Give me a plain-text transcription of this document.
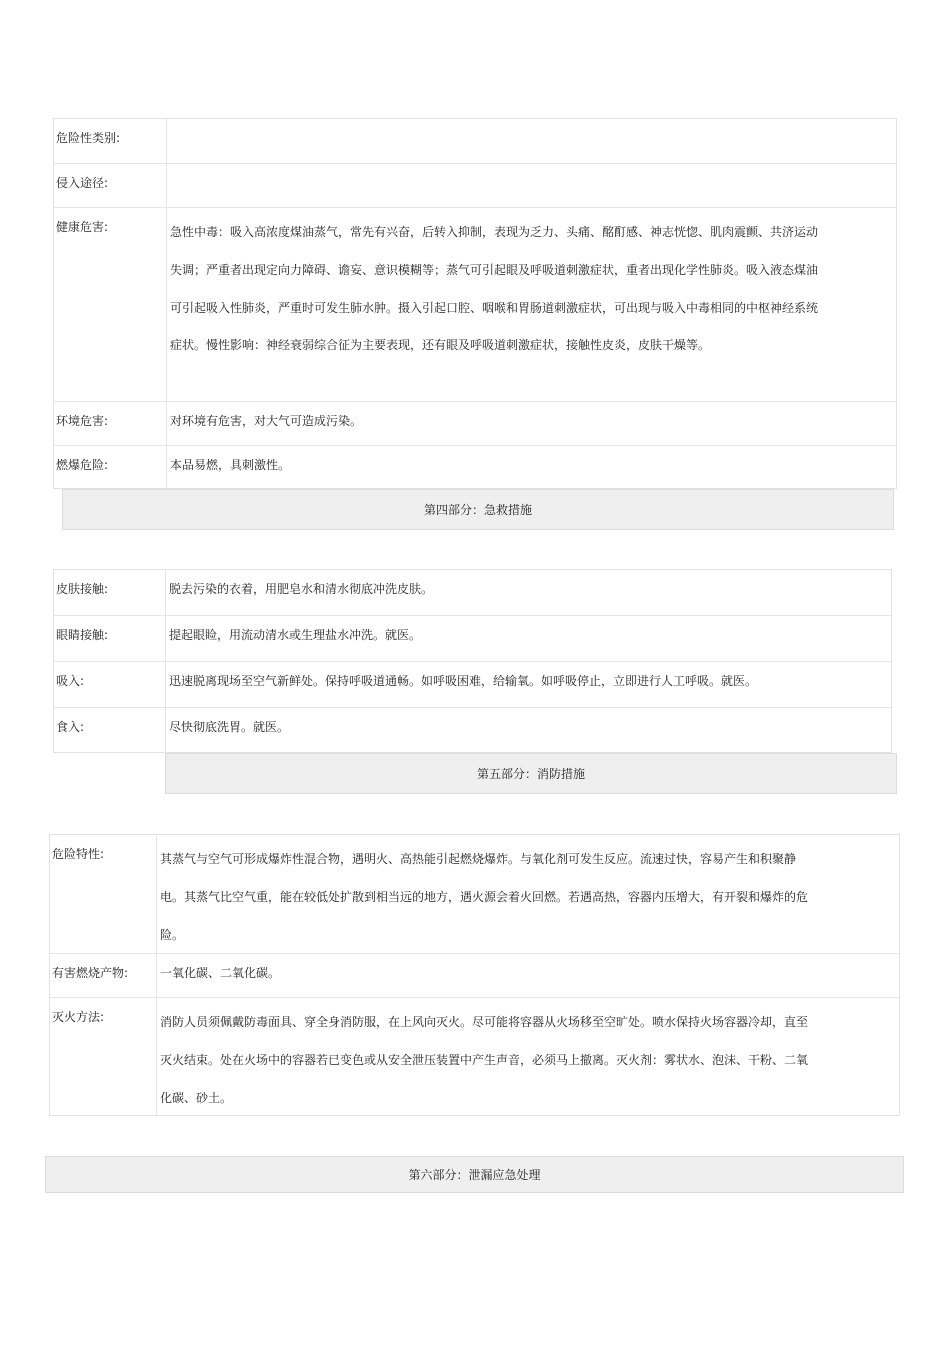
危险性类别:
侵入途径:
健康危害:	急性中毒：吸入高浓度煤油蒸气，常先有兴奋，后转入抑制，表现为乏力、头痛、酩酊感、神志恍惚、肌肉震颤、共济运动失调；严重者出现定向力障碍、谵妄、意识模糊等；蒸气可引起眼及呼吸道刺激症状，重者出现化学性肺炎。吸入液态煤油可引起吸入性肺炎，严重时可发生肺水肿。摄入引起口腔、咽喉和胃肠道刺激症状，可出现与吸入中毒相同的中枢神经系统症状。慢性影响：神经衰弱综合征为主要表现，还有眼及呼吸道刺激症状，接触性皮炎，皮肤干燥等。
环境危害:	对环境有危害，对大气可造成污染。
燃爆危险:	本品易燃，具刺激性。
第四部分：急救措施
皮肤接触:	脱去污染的衣着，用肥皂水和清水彻底冲洗皮肤。
眼睛接触:	提起眼睑，用流动清水或生理盐水冲洗。就医。
吸入:	迅速脱离现场至空气新鲜处。保持呼吸道通畅。如呼吸困难，给输氧。如呼吸停止，立即进行人工呼吸。就医。
食入:	尽快彻底洗胃。就医。
第五部分：消防措施
危险特性:	其蒸气与空气可形成爆炸性混合物，遇明火、高热能引起燃烧爆炸。与氧化剂可发生反应。流速过快，容易产生和积聚静电。其蒸气比空气重，能在较低处扩散到相当远的地方，遇火源会着火回燃。若遇高热，容器内压增大，有开裂和爆炸的危险。
有害燃烧产物:	一氧化碳、二氧化碳。
灭火方法:	消防人员须佩戴防毒面具、穿全身消防服，在上风向灭火。尽可能将容器从火场移至空旷处。喷水保持火场容器冷却，直至灭火结束。处在火场中的容器若已变色或从安全泄压装置中产生声音，必须马上撤离。灭火剂：雾状水、泡沫、干粉、二氧化碳、砂土。
第六部分：泄漏应急处理
